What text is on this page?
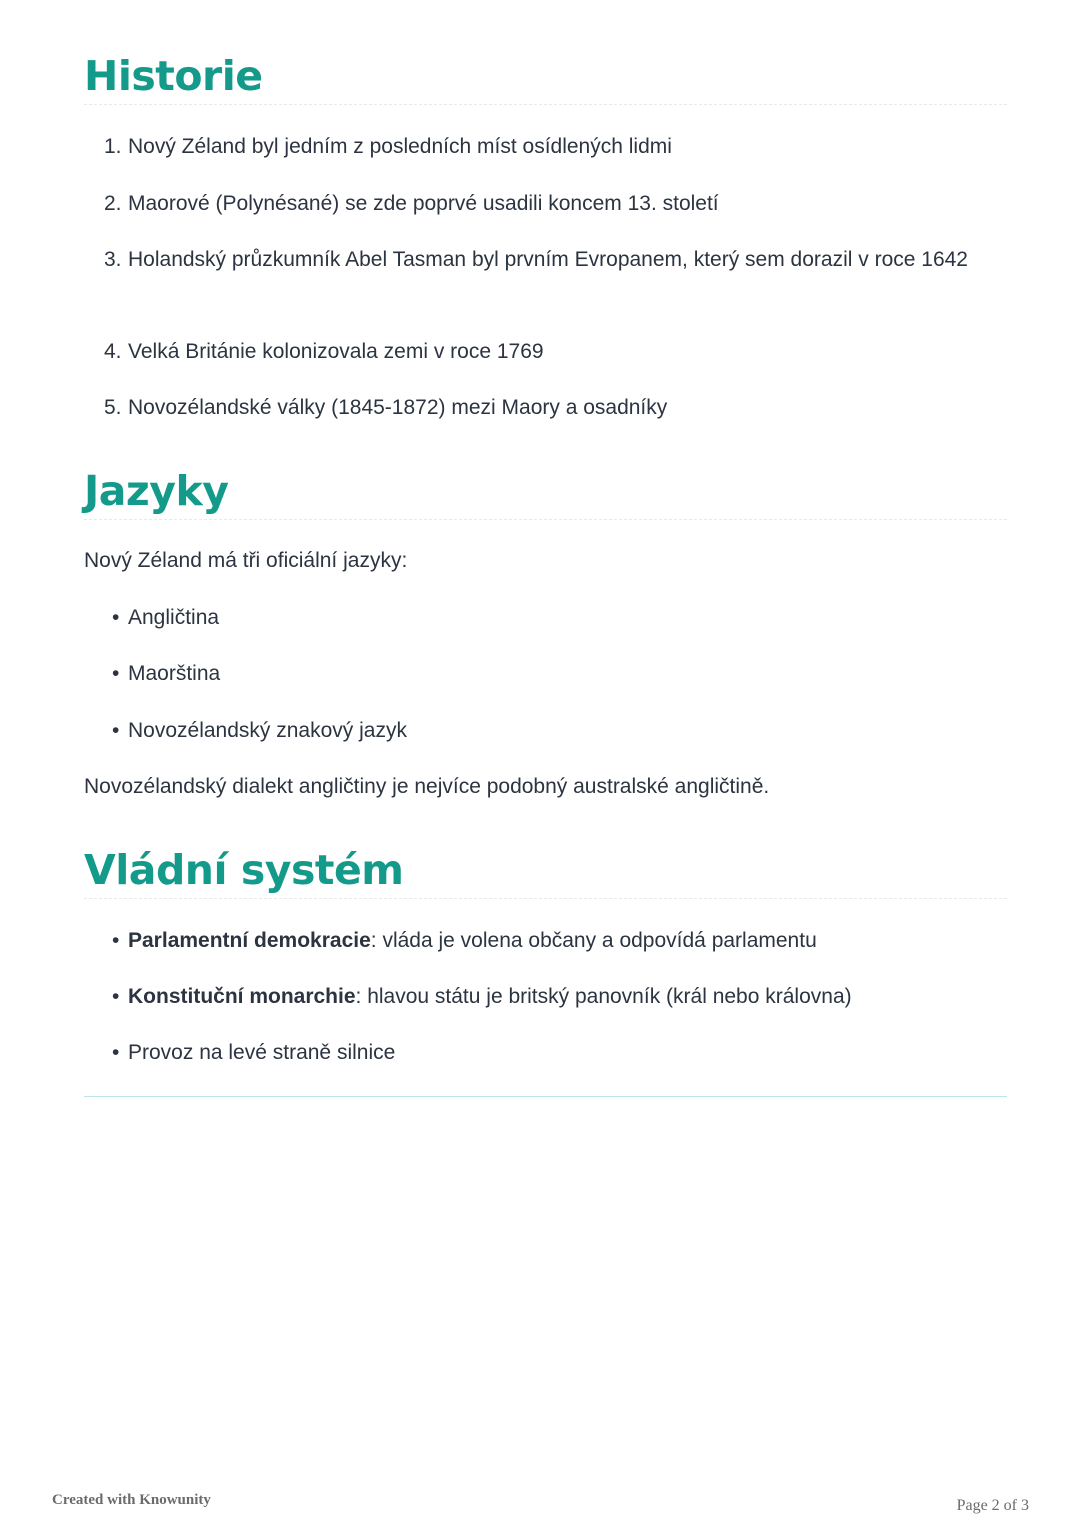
Historie
1. Nový Zéland byl jedním z posledních míst osídlených lidmi
2. Maorové (Polynésané) se zde poprvé usadili koncem 13. století
3. Holandský průzkumník Abel Tasman byl prvním Evropanem, který sem dorazil v roce 1642
4. Velká Británie kolonizovala zemi v roce 1769
5. Novozélandské války (1845-1872) mezi Maory a osadníky
Jazyky
Nový Zéland má tři oficiální jazyky:
• Angličtina
• Maorština
• Novozélandský znakový jazyk
Novozélandský dialekt angličtiny je nejvíce podobný australské angličtině.
Vládní systém
• Parlamentní demokracie: vláda je volena občany a odpovídá parlamentu
• Konstituční monarchie: hlavou státu je britský panovník (král nebo královna)
• Provoz na levé straně silnice
Created with Knowunity	Page 2 of 3
